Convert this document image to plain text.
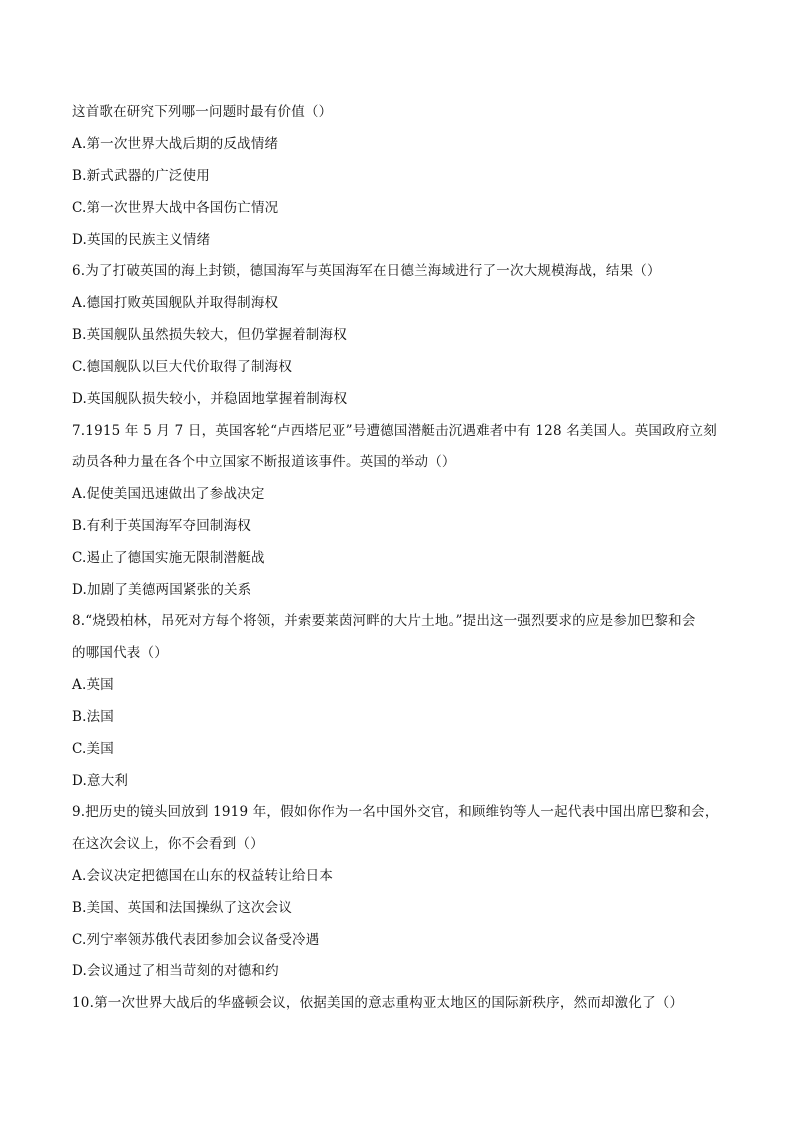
这首歌在研究下列哪一问题时最有价值（）
A.第一次世界大战后期的反战情绪
B.新式武器的广泛使用
C.第一次世界大战中各国伤亡情况
D.英国的民族主义情绪
6.为了打破英国的海上封锁，德国海军与英国海军在日德兰海域进行了一次大规模海战，结果（）
A.德国打败英国舰队并取得制海权
B.英国舰队虽然损失较大，但仍掌握着制海权
C.德国舰队以巨大代价取得了制海权
D.英国舰队损失较小，并稳固地掌握着制海权
7.1915 年 5 月 7 日，英国客轮“卢西塔尼亚”号遭德国潜艇击沉遇难者中有 128 名美国人。英国政府立刻
动员各种力量在各个中立国家不断报道该事件。英国的举动（）
A.促使美国迅速做出了参战决定
B.有利于英国海军夺回制海权
C.遏止了德国实施无限制潜艇战
D.加剧了美德两国紧张的关系
8.“烧毁柏林，吊死对方每个将领，并索要莱茵河畔的大片土地。”提出这一强烈要求的应是参加巴黎和会
的哪国代表（）
A.英国
B.法国
C.美国
D.意大利
9.把历史的镜头回放到 1919 年，假如你作为一名中国外交官，和顾维钧等人一起代表中国出席巴黎和会，
在这次会议上，你不会看到（）
A.会议决定把德国在山东的权益转让给日本
B.美国、英国和法国操纵了这次会议
C.列宁率领苏俄代表团参加会议备受冷遇
D.会议通过了相当苛刻的对德和约
10.第一次世界大战后的华盛顿会议，依据美国的意志重构亚太地区的国际新秩序，然而却激化了（）
